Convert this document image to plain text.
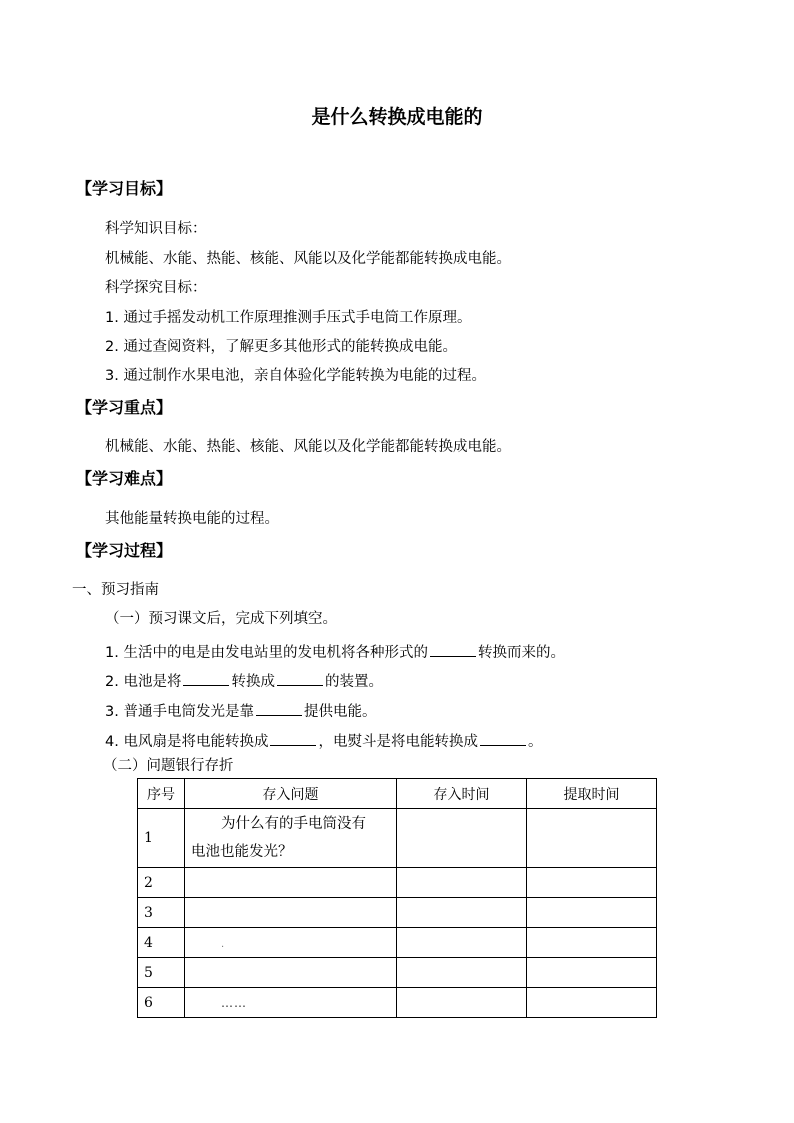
是什么转换成电能的
【学习目标】
科学知识目标：
机械能、水能、热能、核能、风能以及化学能都能转换成电能。
科学探究目标：
1. 通过手摇发动机工作原理推测手压式手电筒工作原理。
2. 通过查阅资料，了解更多其他形式的能转换成电能。
3. 通过制作水果电池，亲自体验化学能转换为电能的过程。
【学习重点】
机械能、水能、热能、核能、风能以及化学能都能转换成电能。
【学习难点】
其他能量转换电能的过程。
【学习过程】
一、预习指南
（一）预习课文后，完成下列填空。
1. 生活中的电是由发电站里的发电机将各种形式的	转换而来的。
2. 电池是将	转换成	的装置。
3. 普通手电筒发光是靠	提供电能。
4. 电风扇是将电能转换成	，电熨斗是将电能转换成	。
（二）问题银行存折
序号	存入问题	存入时间	提取时间
1	为什么有的手电筒没有
电池也能发光？		

2			
3			
4	.		
5			
6	……		
